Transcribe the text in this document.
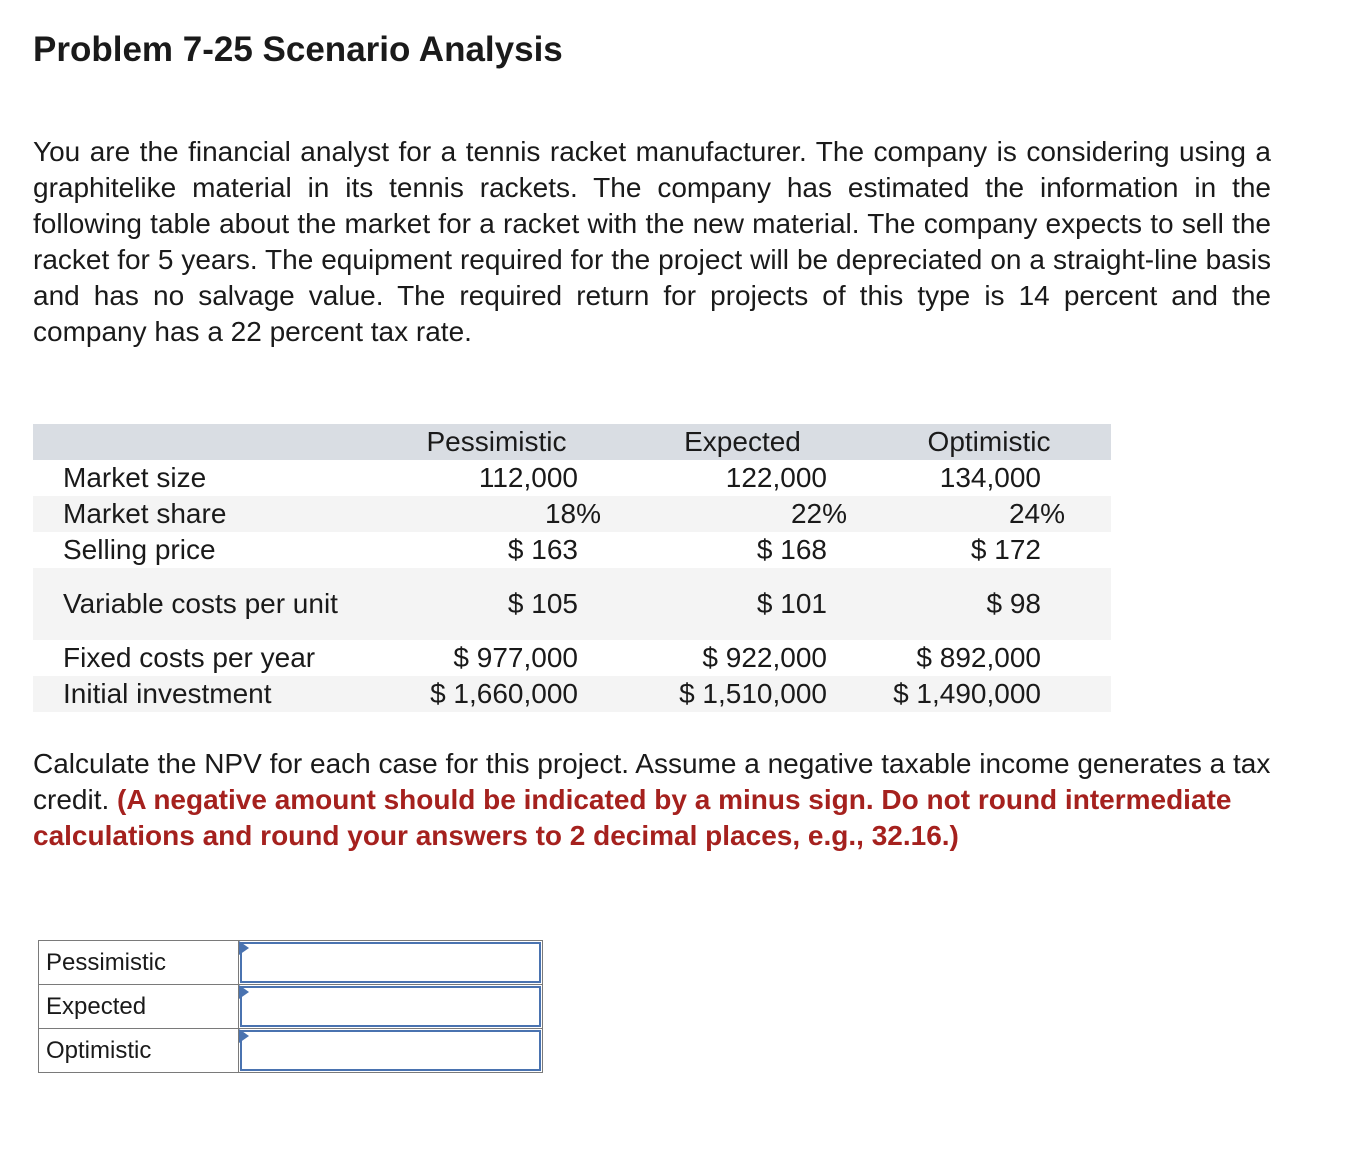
Problem 7-25 Scenario Analysis

You are the financial analyst for a tennis racket manufacturer. The company is considering using a graphitelike material in its tennis rackets. The company has estimated the information in the following table about the market for a racket with the new material. The company expects to sell the racket for 5 years. The equipment required for the project will be depreciated on a straight-line basis and has no salvage value. The required return for projects of this type is 14 percent and the company has a 22 percent tax rate.

	Pessimistic	Expected	Optimistic
Market size	112,000	122,000	134,000
Market share	18%	22%	24%
Selling price	$ 163	$ 168	$ 172
Variable costs per unit	$ 105	$ 101	$ 98
Fixed costs per year	$ 977,000	$ 922,000	$ 892,000
Initial investment	$ 1,660,000	$ 1,510,000	$ 1,490,000

Calculate the NPV for each case for this project. Assume a negative taxable income generates a tax credit. (A negative amount should be indicated by a minus sign. Do not round intermediate calculations and round your answers to 2 decimal places, e.g., 32.16.)

Pessimistic	

Expected	

Optimistic	
